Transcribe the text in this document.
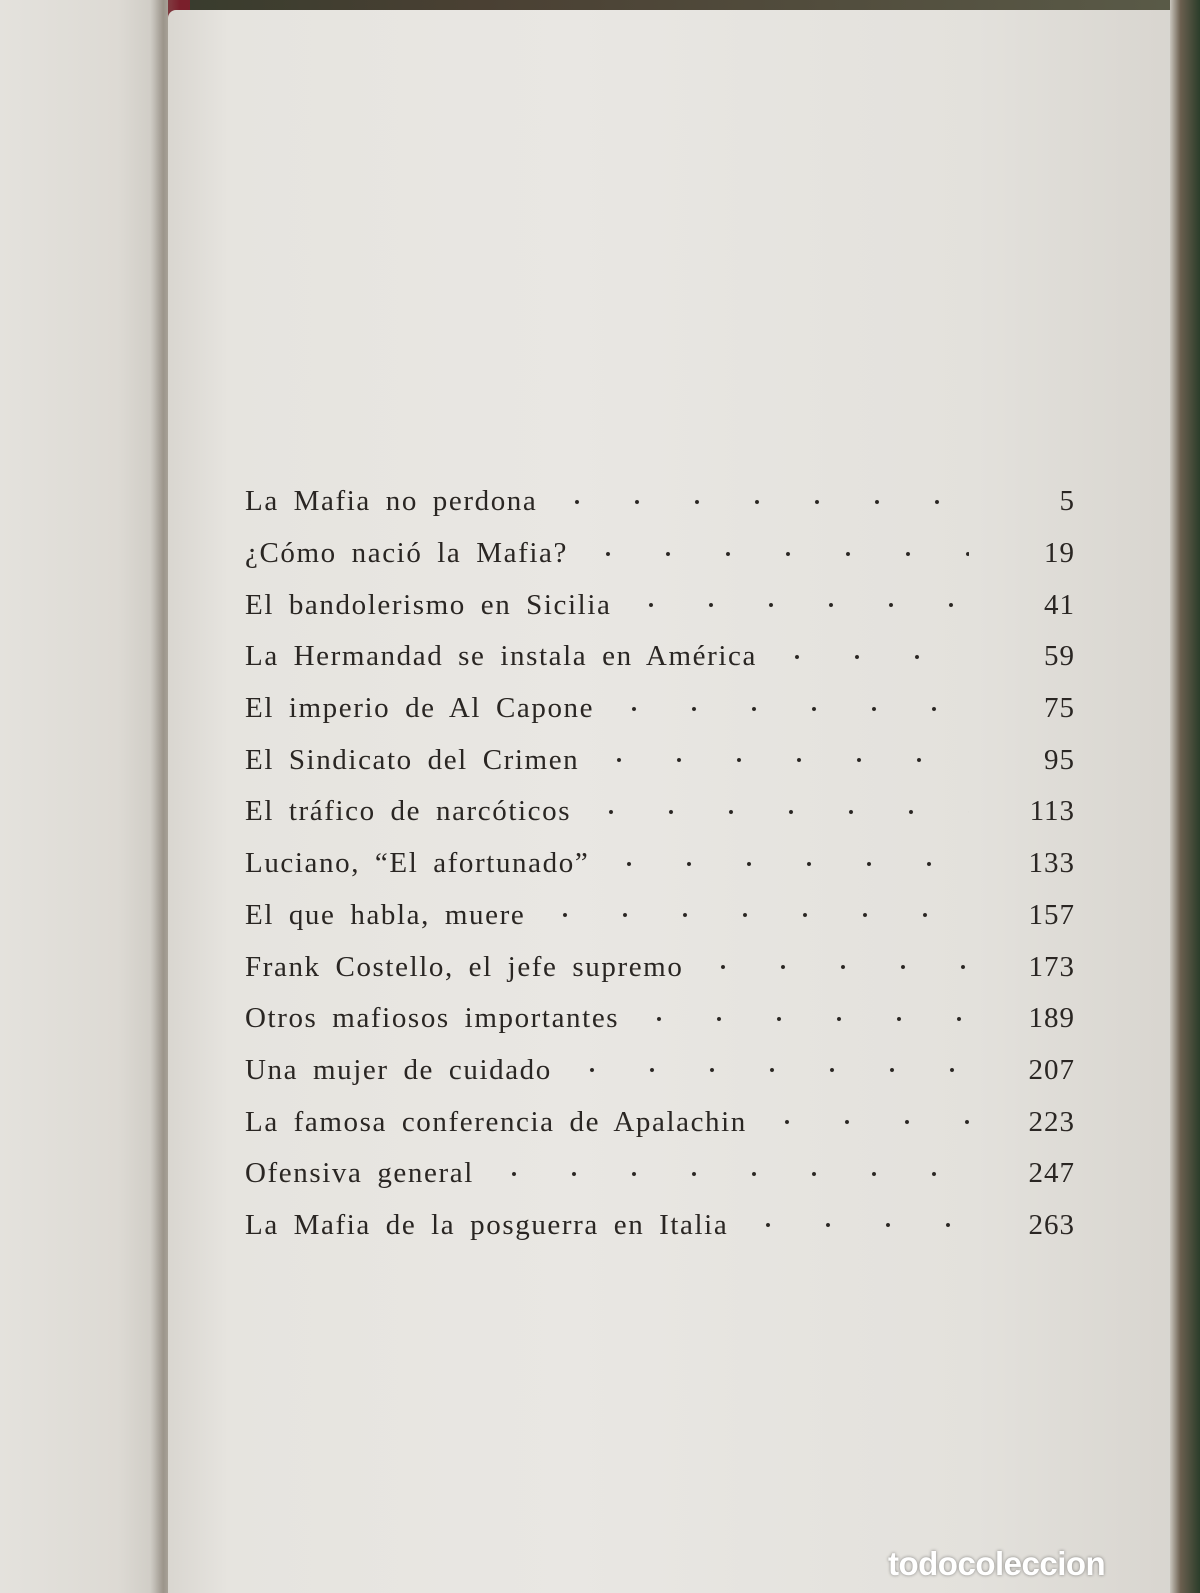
La Mafia no perdona	5
¿Cómo nació la Mafia?	19
El bandolerismo en Sicilia	41
La Hermandad se instala en América	59
El imperio de Al Capone	75
El Sindicato del Crimen	95
El tráfico de narcóticos	113
Luciano, “El afortunado”	133
El que habla, muere	157
Frank Costello, el jefe supremo	173
Otros mafiosos importantes	189
Una mujer de cuidado	207
La famosa conferencia de Apalachin	223
Ofensiva general	247
La Mafia de la posguerra en Italia	263
todocoleccion
